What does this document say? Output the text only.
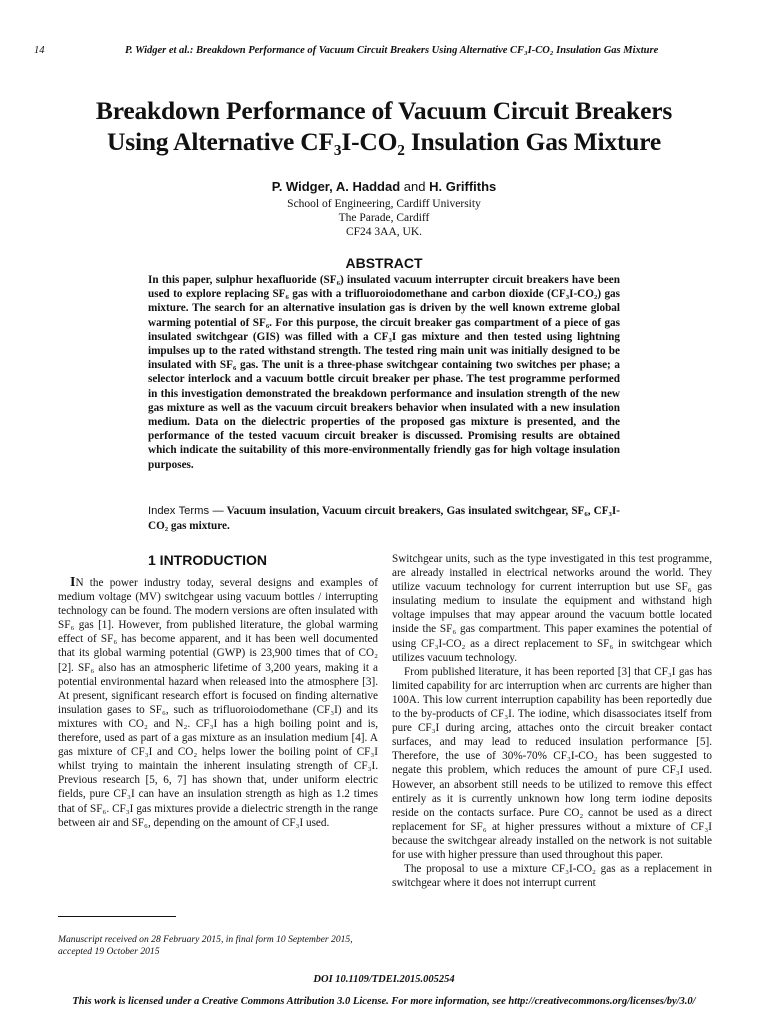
14	P. Widger et al.: Breakdown Performance of Vacuum Circuit Breakers Using Alternative CF₃I-CO₂ Insulation Gas Mixture
Breakdown Performance of Vacuum Circuit Breakers
Using Alternative CF₃I-CO₂ Insulation Gas Mixture
P. Widger, A. Haddad and H. Griffiths
School of Engineering, Cardiff University
The Parade, Cardiff
CF24 3AA, UK.
ABSTRACT
In this paper, sulphur hexafluoride (SF₆) insulated vacuum interrupter circuit breakers have been used to explore replacing SF₆ gas with a trifluoroiodomethane and carbon dioxide (CF₃I-CO₂) gas mixture. The search for an alternative insulation gas is driven by the well known extreme global warming potential of SF₆. For this purpose, the circuit breaker gas compartment of a piece of gas insulated switchgear (GIS) was filled with a CF₃I gas mixture and then tested using lightning impulses up to the rated withstand strength. The tested ring main unit was initially designed to be insulated with SF₆ gas. The unit is a three-phase switchgear containing two switches per phase; a selector interlock and a vacuum bottle circuit breaker per phase. The test programme performed in this investigation demonstrated the breakdown performance and insulation strength of the new gas mixture as well as the vacuum circuit breakers behavior when insulated with a new insulation medium. Data on the dielectric properties of the proposed gas mixture is presented, and the performance of the tested vacuum circuit breaker is discussed. Promising results are obtained which indicate the suitability of this more-environmentally friendly gas for high voltage insulation purposes.
Index Terms — Vacuum insulation, Vacuum circuit breakers, Gas insulated switchgear, SF₆, CF₃I-CO₂ gas mixture.
1 INTRODUCTION

IN the power industry today, several designs and examples of medium voltage (MV) switchgear using vacuum bottles / interrupting technology can be found. The modern versions are often insulated with SF₆ gas [1]. However, from published literature, the global warming effect of SF₆ has become apparent, and it has been well documented that its global warming potential (GWP) is 23,900 times that of CO₂ [2]. SF₆ also has an atmospheric lifetime of 3,200 years, making it a potential environmental hazard when released into the atmosphere [3]. At present, significant research effort is focused on finding alternative insulation gases to SF₆, such as trifluoroiodomethane (CF₃I) and its mixtures with CO₂ and N₂. CF₃I has a high boiling point and is, therefore, used as part of a gas mixture as an insulation medium [4]. A gas mixture of CF₃I and CO₂ helps lower the boiling point of CF₃I whilst trying to maintain the inherent insulating strength of CF₃I. Previous research [5, 6, 7] has shown that, under uniform electric fields, pure CF₃I can have an insulation strength as high as 1.2 times that of SF₆. CF₃I gas mixtures provide a dielectric strength in the range between air and SF₆, depending on the amount of CF₃I used.

Switchgear units, such as the type investigated in this test programme, are already installed in electrical networks around the world. They utilize vacuum technology for current interruption but use SF₆ gas insulating medium to insulate the equipment and withstand high voltage impulses that may appear around the vacuum bottle located inside the SF₆ gas compartment. This paper examines the potential of using CF₃I-CO₂ as a direct replacement to SF₆ in switchgear which utilizes vacuum technology.

From published literature, it has been reported [3] that CF₃I gas has limited capability for arc interruption when arc currents are higher than 100A. This low current interruption capability has been reportedly due to the by-products of CF₃I. The iodine, which disassociates itself from pure CF₃I during arcing, attaches onto the circuit breaker contact surfaces, and may lead to reduced insulation performance [5]. Therefore, the use of 30%-70% CF₃I-CO₂ has been suggested to negate this problem, which reduces the amount of pure CF₃I used. However, an absorbent still needs to be utilized to remove this effect entirely as it is currently unknown how long term iodine deposits reside on the contacts surface. Pure CO₂ cannot be used as a direct replacement for SF₆ at higher pressures without a mixture of CF₃I because the switchgear already installed on the network is not suitable for use with higher pressure than used throughout this paper.

The proposal to use a mixture CF₃I-CO₂ gas as a replacement in switchgear where it does not interrupt current

Manuscript received on 28 February 2015, in final form 10 September 2015, accepted 19 October 2015
DOI 10.1109/TDEI.2015.005254
This work is licensed under a Creative Commons Attribution 3.0 License. For more information, see http://creativecommons.org/licenses/by/3.0/
